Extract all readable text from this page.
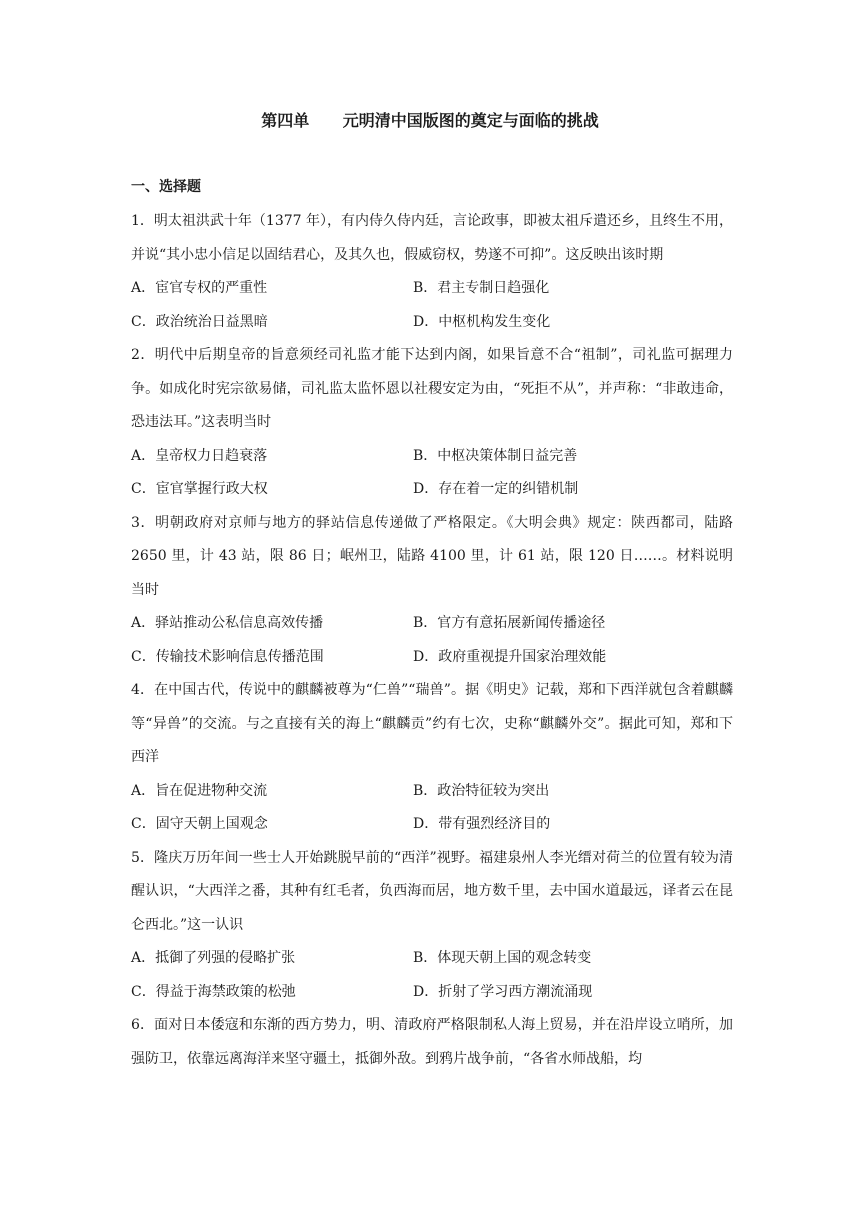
第四单      元明清中国版图的奠定与面临的挑战
一、选择题

1．明太祖洪武十年（1377 年），有内侍久侍内廷，言论政事，即被太祖斥遣还乡，且终生不用，并说“其小忠小信足以固结君心，及其久也，假威窃权，势遂不可抑”。这反映出该时期

A．宦官专权的严重性	B．君主专制日趋强化
C．政治统治日益黑暗	D．中枢机构发生变化

2．明代中后期皇帝的旨意须经司礼监才能下达到内阁，如果旨意不合“祖制”，司礼监可据理力争。如成化时宪宗欲易储，司礼监太监怀恩以社稷安定为由，“死拒不从”，并声称：“非敢违命，恐违法耳。”这表明当时

A．皇帝权力日趋衰落	B．中枢决策体制日益完善
C．宦官掌握行政大权	D．存在着一定的纠错机制

3．明朝政府对京师与地方的驿站信息传递做了严格限定。《大明会典》规定：陕西都司，陆路 2650 里，计 43 站，限 86 日；岷州卫，陆路 4100 里，计 61 站，限 120 日……。材料说明当时

A．驿站推动公私信息高效传播	B．官方有意拓展新闻传播途径
C．传输技术影响信息传播范围	D．政府重视提升国家治理效能

4．在中国古代，传说中的麒麟被尊为“仁兽”“瑞兽”。据《明史》记载，郑和下西洋就包含着麒麟等“异兽”的交流。与之直接有关的海上“麒麟贡”约有七次，史称“麒麟外交”。据此可知，郑和下西洋

A．旨在促进物种交流	B．政治特征较为突出
C．固守天朝上国观念	D．带有强烈经济目的

5．隆庆万历年间一些士人开始跳脱早前的“西洋”视野。福建泉州人李光缙对荷兰的位置有较为清醒认识，“大西洋之番，其种有红毛者，负西海而居，地方数千里，去中国水道最远，译者云在昆仑西北。”这一认识

A．抵御了列强的侵略扩张	B．体现天朝上国的观念转变
C．得益于海禁政策的松弛	D．折射了学习西方潮流涌现

6．面对日本倭寇和东渐的西方势力，明、清政府严格限制私人海上贸易，并在沿岸设立哨所，加强防卫，依靠远离海洋来坚守疆土，抵御外敌。到鸦片战争前，“各省水师战船，均
